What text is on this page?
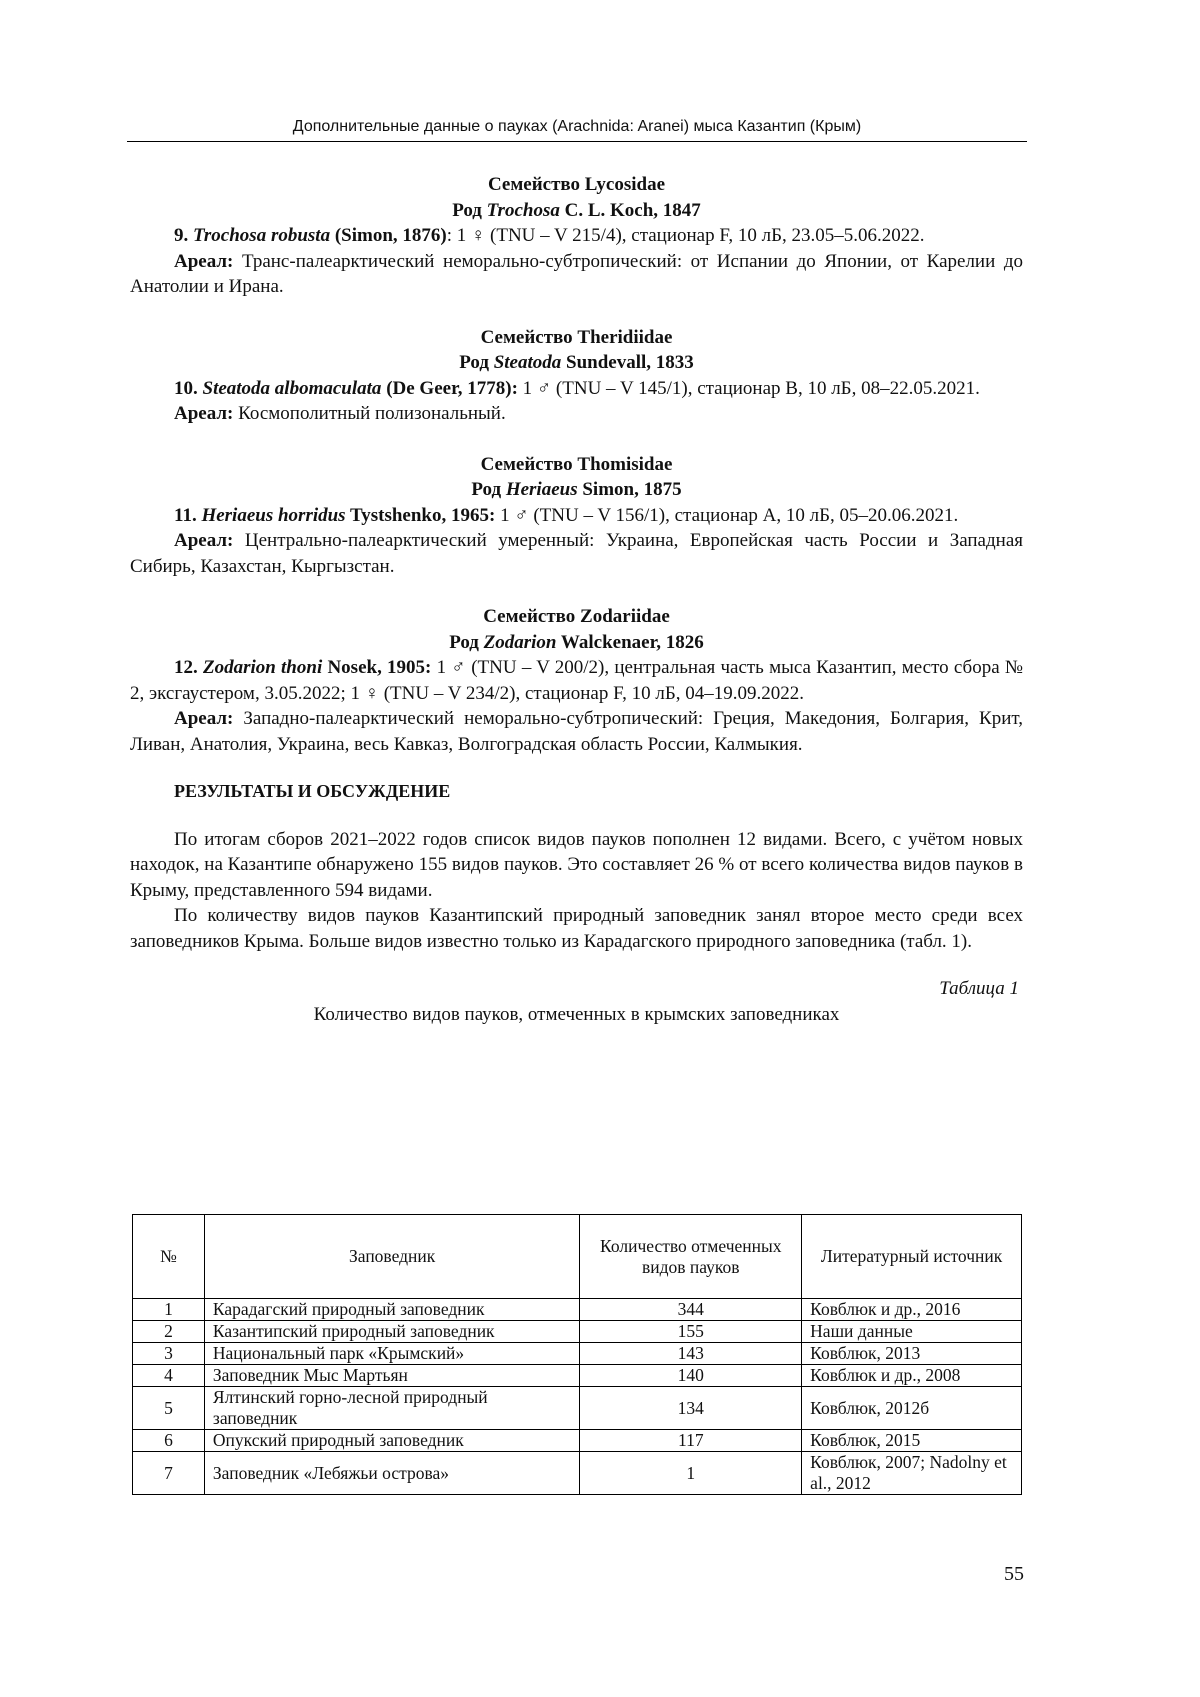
Дополнительные данные о пауках (Arachnida: Aranei) мыса Казантип (Крым)

Семейство Lycosidae

Род Trochosa C. L. Koch, 1847

9. Trochosa robusta (Simon, 1876): 1 ♀ (TNU – V 215/4), стационар F, 10 лБ, 23.05–5.06.2022.

Ареал: Транс-палеарктический неморально-субтропический: от Испании до Японии, от Карелии до Анатолии и Ирана.

Семейство Theridiidae

Род Steatoda Sundevall, 1833

10. Steatoda albomaculata (De Geer, 1778): 1 ♂ (TNU – V 145/1), стационар B, 10 лБ, 08–22.05.2021.

Ареал: Космополитный полизональный.

Семейство Thomisidae

Род Heriaeus Simon, 1875

11. Heriaeus horridus Tystshenko, 1965: 1 ♂ (TNU – V 156/1), стационар А, 10 лБ, 05–20.06.2021.

Ареал: Центрально-палеарктический умеренный: Украина, Европейская часть России и Западная Сибирь, Казахстан, Кыргызстан.

Семейство Zodariidae

Род Zodarion Walckenaer, 1826

12. Zodarion thoni Nosek, 1905: 1 ♂ (TNU – V 200/2), центральная часть мыса Казантип, место сбора № 2, эксгаустером, 3.05.2022; 1 ♀ (TNU – V 234/2), стационар F, 10 лБ, 04–19.09.2022.

Ареал: Западно-палеарктический неморально-субтропический: Греция, Македония, Болгария, Крит, Ливан, Анатолия, Украина, весь Кавказ, Волгоградская область России, Калмыкия.

РЕЗУЛЬТАТЫ И ОБСУЖДЕНИЕ

По итогам сборов 2021–2022 годов список видов пауков пополнен 12 видами. Всего, с учётом новых находок, на Казантипе обнаружено 155 видов пауков. Это составляет 26 % от всего количества видов пауков в Крыму, представленного 594 видами.

По количеству видов пауков Казантипский природный заповедник занял второе место среди всех заповедников Крыма. Больше видов известно только из Карадагского природного заповедника (табл. 1).

Таблица 1

Количество видов пауков, отмеченных в крымских заповедниках

№	Заповедник	Количество отмеченных видов пауков	Литературный источник
1	Карадагский природный заповедник	344	Ковблюк и др., 2016
2	Казантипский природный заповедник	155	Наши данные
3	Национальный парк «Крымский»	143	Ковблюк, 2013
4	Заповедник Мыс Мартьян	140	Ковблюк и др., 2008
5	Ялтинский горно-лесной природный заповедник	134	Ковблюк, 2012б
6	Опукский природный заповедник	117	Ковблюк, 2015
7	Заповедник «Лебяжьи острова»	1	Ковблюк, 2007; Nadolny et al., 2012
55
